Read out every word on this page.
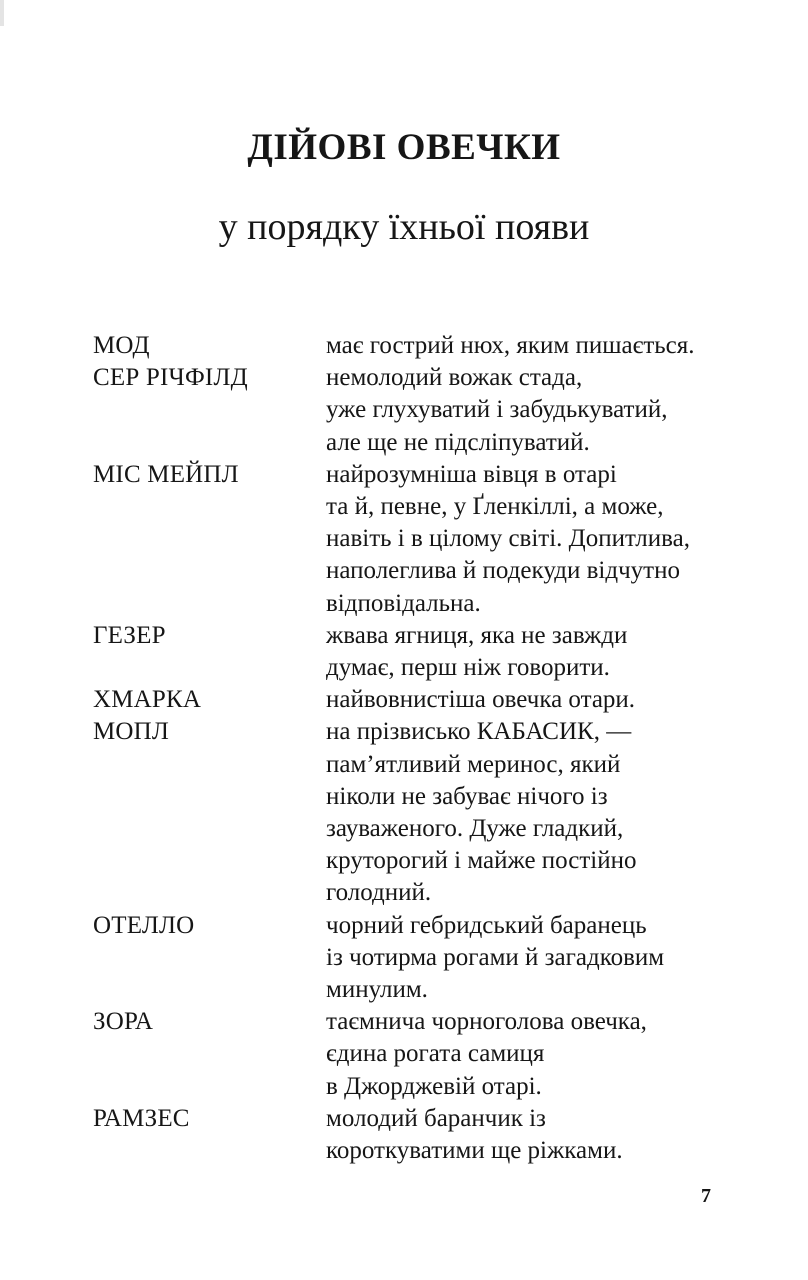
ДІЙОВІ ОВЕЧКИ
у порядку їхньої появи
МОД	має гострий нюх, яким пишається.
СЕР РІЧФІЛД	немолодий вожак стада,
уже глухуватий і забудькуватий,
але ще не підсліпуватий.
МІС МЕЙПЛ	найрозумніша вівця в отарі
та й, певне, у Ґленкіллі, а може,
навіть і в цілому світі. Допитлива,
наполеглива й подекуди відчутно
відповідальна.
ГЕЗЕР	жвава ягниця, яка не завжди
думає, перш ніж говорити.
ХМАРКА	найвовнистіша овечка отари.
МОПЛ	на прізвисько КАБАСИК, —
пам’ятливий меринос, який
ніколи не забуває нічого із
зауваженого. Дуже гладкий,
круторогий і майже постійно
голодний.
ОТЕЛЛО	чорний гебридський баранець
із чотирма рогами й загадковим
минулим.
ЗОРА	таємнича чорноголова овечка,
єдина рогата самиця
в Джорджевій отарі.
РАМЗЕС	молодий баранчик із
короткуватими ще ріжками.
7
